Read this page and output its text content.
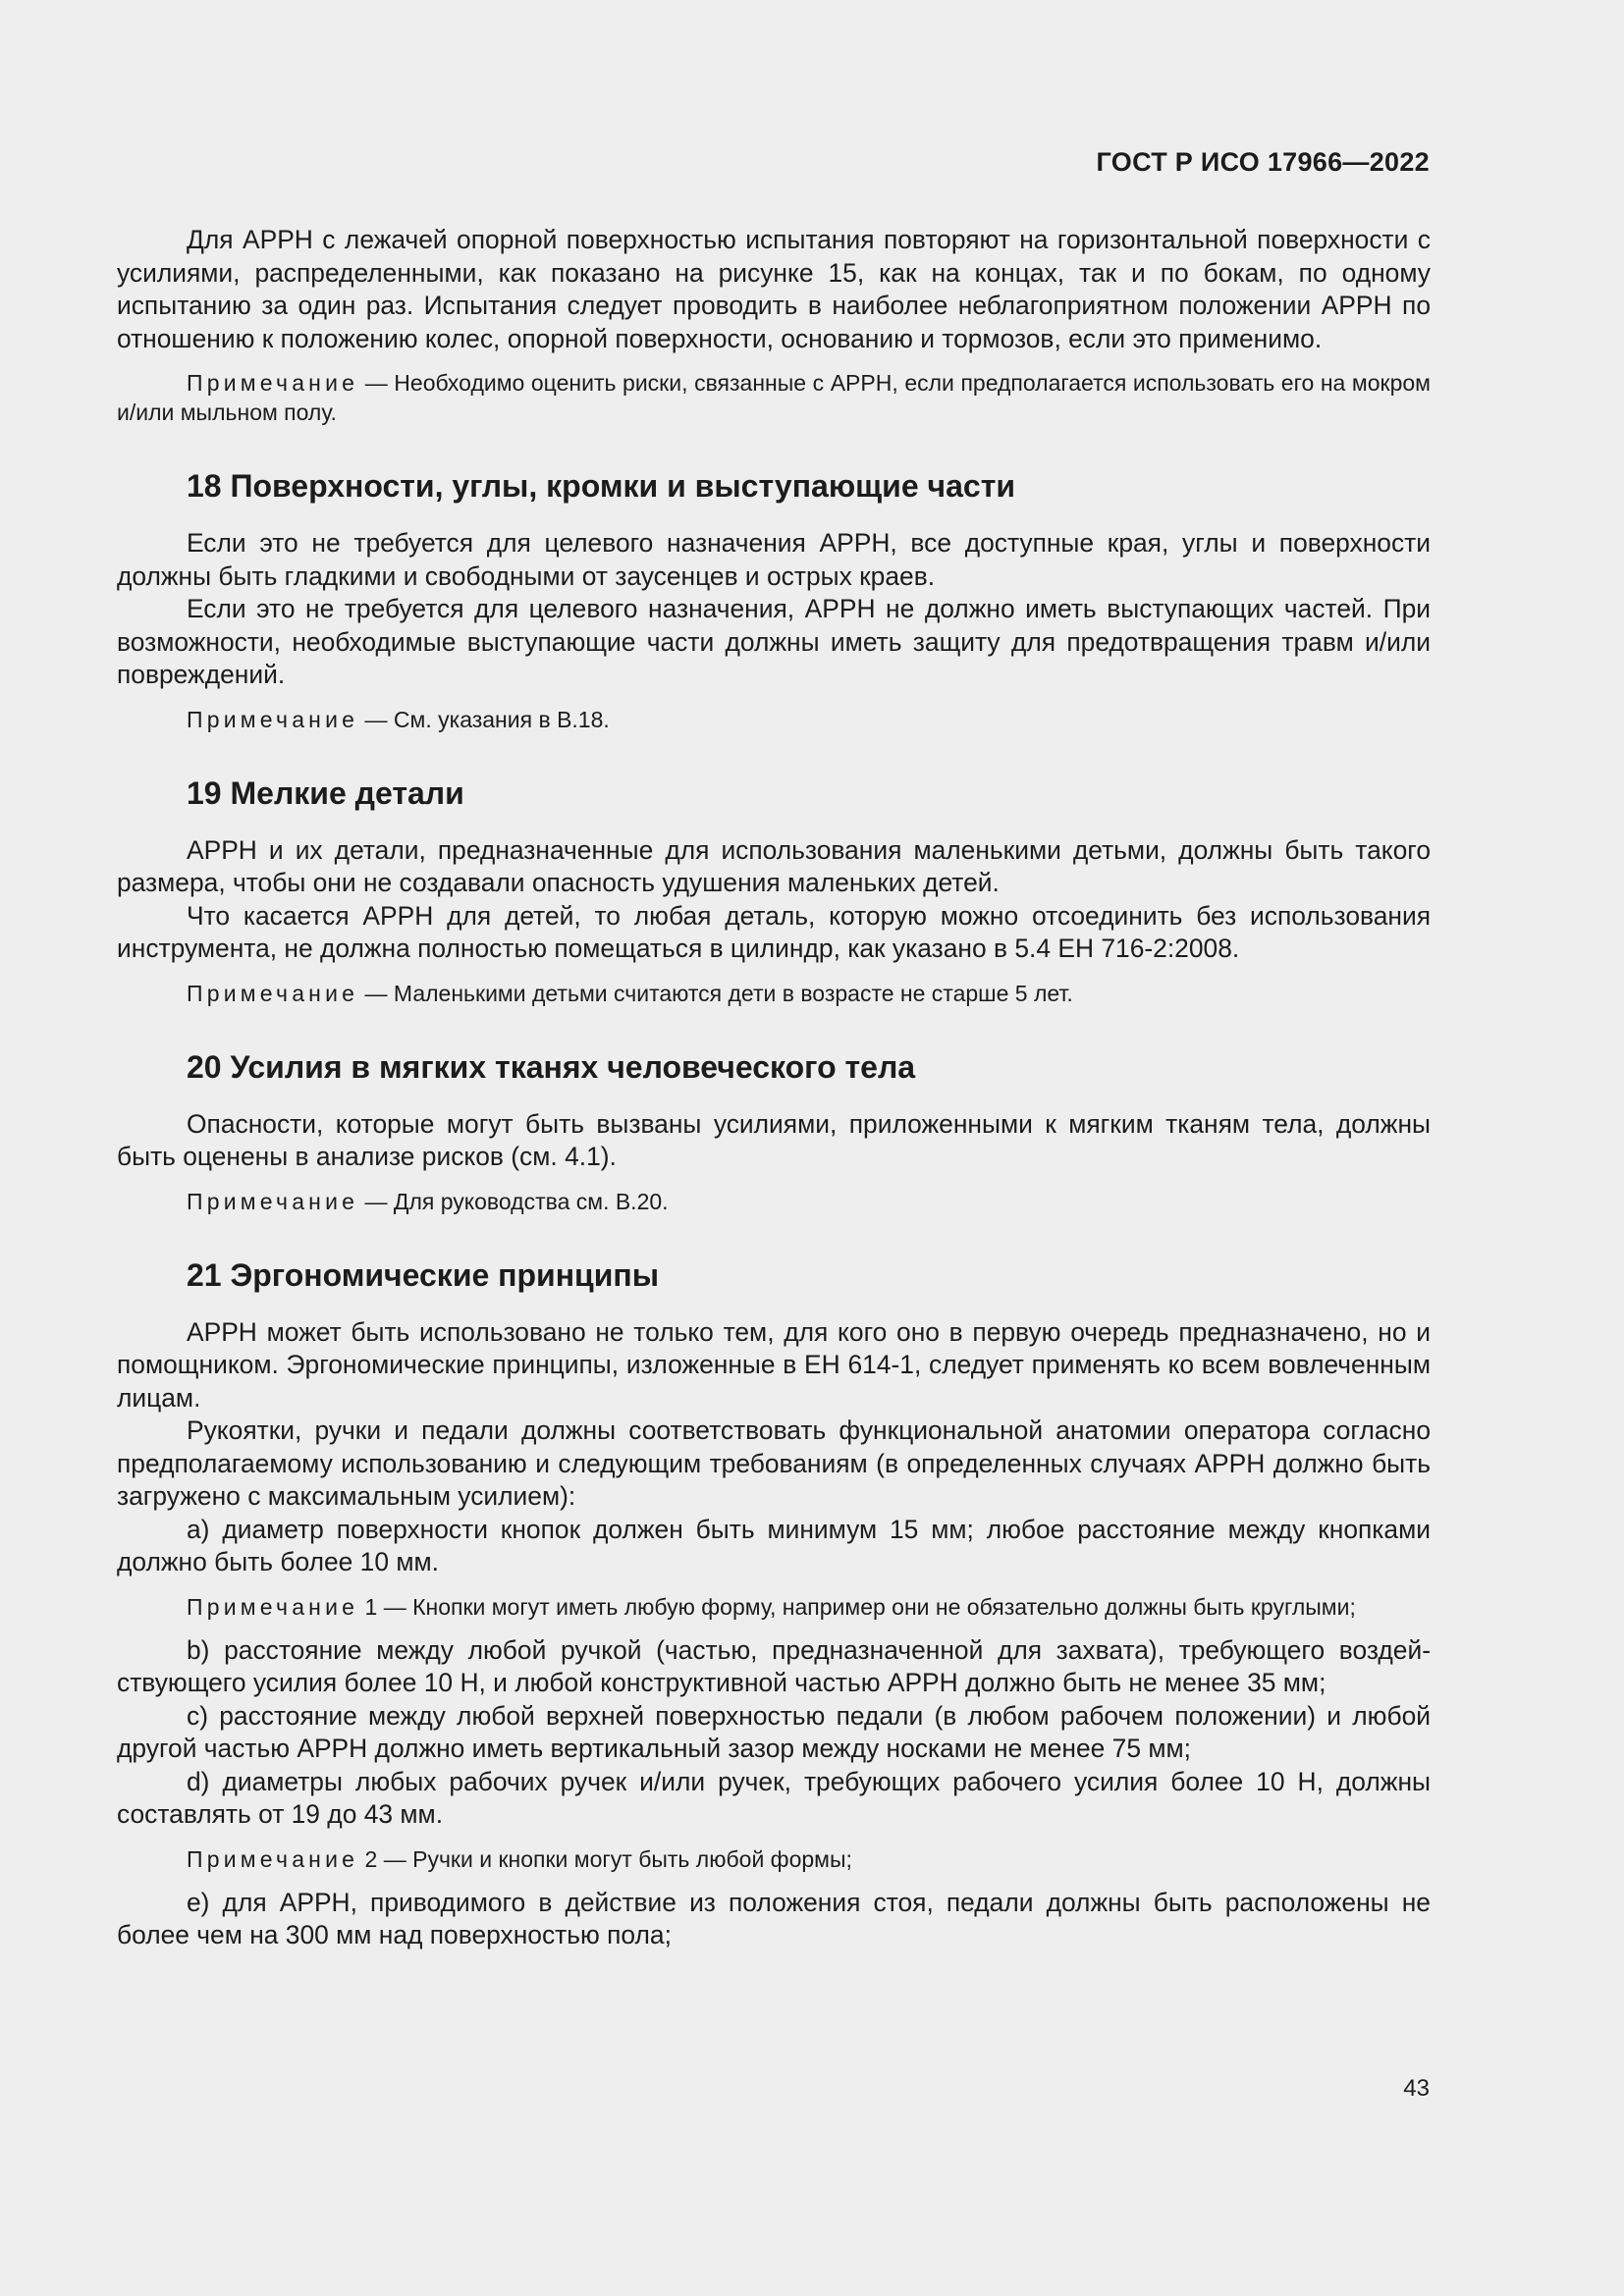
ГОСТ Р ИСО 17966—2022

Для АРРН с лежачей опорной поверхностью испытания повторяют на горизонтальной поверхности с усилиями, распределенными, как показано на рисунке 15, как на концах, так и по бокам, по одному испытанию за один раз. Испытания следует проводить в наиболее неблагоприятном положении АРРН по отношению к положению колес, опорной поверхности, основанию и тормозов, если это применимо.

Примечание — Необходимо оценить риски, связанные с АРРН, если предполагается использовать его на мокром и/или мыльном полу.

18 Поверхности, углы, кромки и выступающие части

Если это не требуется для целевого назначения АРРН, все доступные края, углы и поверхности должны быть гладкими и свободными от заусенцев и острых краев.

Если это не требуется для целевого назначения, АРРН не должно иметь выступающих частей. При возможности, необходимые выступающие части должны иметь защиту для предотвращения травм и/или повреждений.

Примечание — См. указания в В.18.

19 Мелкие детали

АРРН и их детали, предназначенные для использования маленькими детьми, должны быть такого размера, чтобы они не создавали опасность удушения маленьких детей.

Что касается АРРН для детей, то любая деталь, которую можно отсоединить без использования инструмента, не должна полностью помещаться в цилиндр, как указано в 5.4 ЕН 716-2:2008.

Примечание — Маленькими детьми считаются дети в возрасте не старше 5 лет.

20 Усилия в мягких тканях человеческого тела

Опасности, которые могут быть вызваны усилиями, приложенными к мягким тканям тела, должны быть оценены в анализе рисков (см. 4.1).

Примечание — Для руководства см. В.20.

21 Эргономические принципы

АРРН может быть использовано не только тем, для кого оно в первую очередь предназначено, но и помощником. Эргономические принципы, изложенные в ЕН 614-1, следует применять ко всем вовлеченным лицам.

Рукоятки, ручки и педали должны соответствовать функциональной анатомии оператора согласно предполагаемому использованию и следующим требованиям (в определенных случаях АРРН должно быть загружено с максимальным усилием):

a) диаметр поверхности кнопок должен быть минимум 15 мм; любое расстояние между кнопками должно быть более 10 мм.

Примечание 1 — Кнопки могут иметь любую форму, например они не обязательно должны быть круглыми;

b) расстояние между любой ручкой (частью, предназначенной для захвата), требующего воздействующего усилия более 10 Н, и любой конструктивной частью АРРН должно быть не менее 35 мм;

c) расстояние между любой верхней поверхностью педали (в любом рабочем положении) и любой другой частью АРРН должно иметь вертикальный зазор между носками не менее 75 мм;

d) диаметры любых рабочих ручек и/или ручек, требующих рабочего усилия более 10 Н, должны составлять от 19 до 43 мм.

Примечание 2 — Ручки и кнопки могут быть любой формы;

e) для АРРН, приводимого в действие из положения стоя, педали должны быть расположены не более чем на 300 мм над поверхностью пола;

43
